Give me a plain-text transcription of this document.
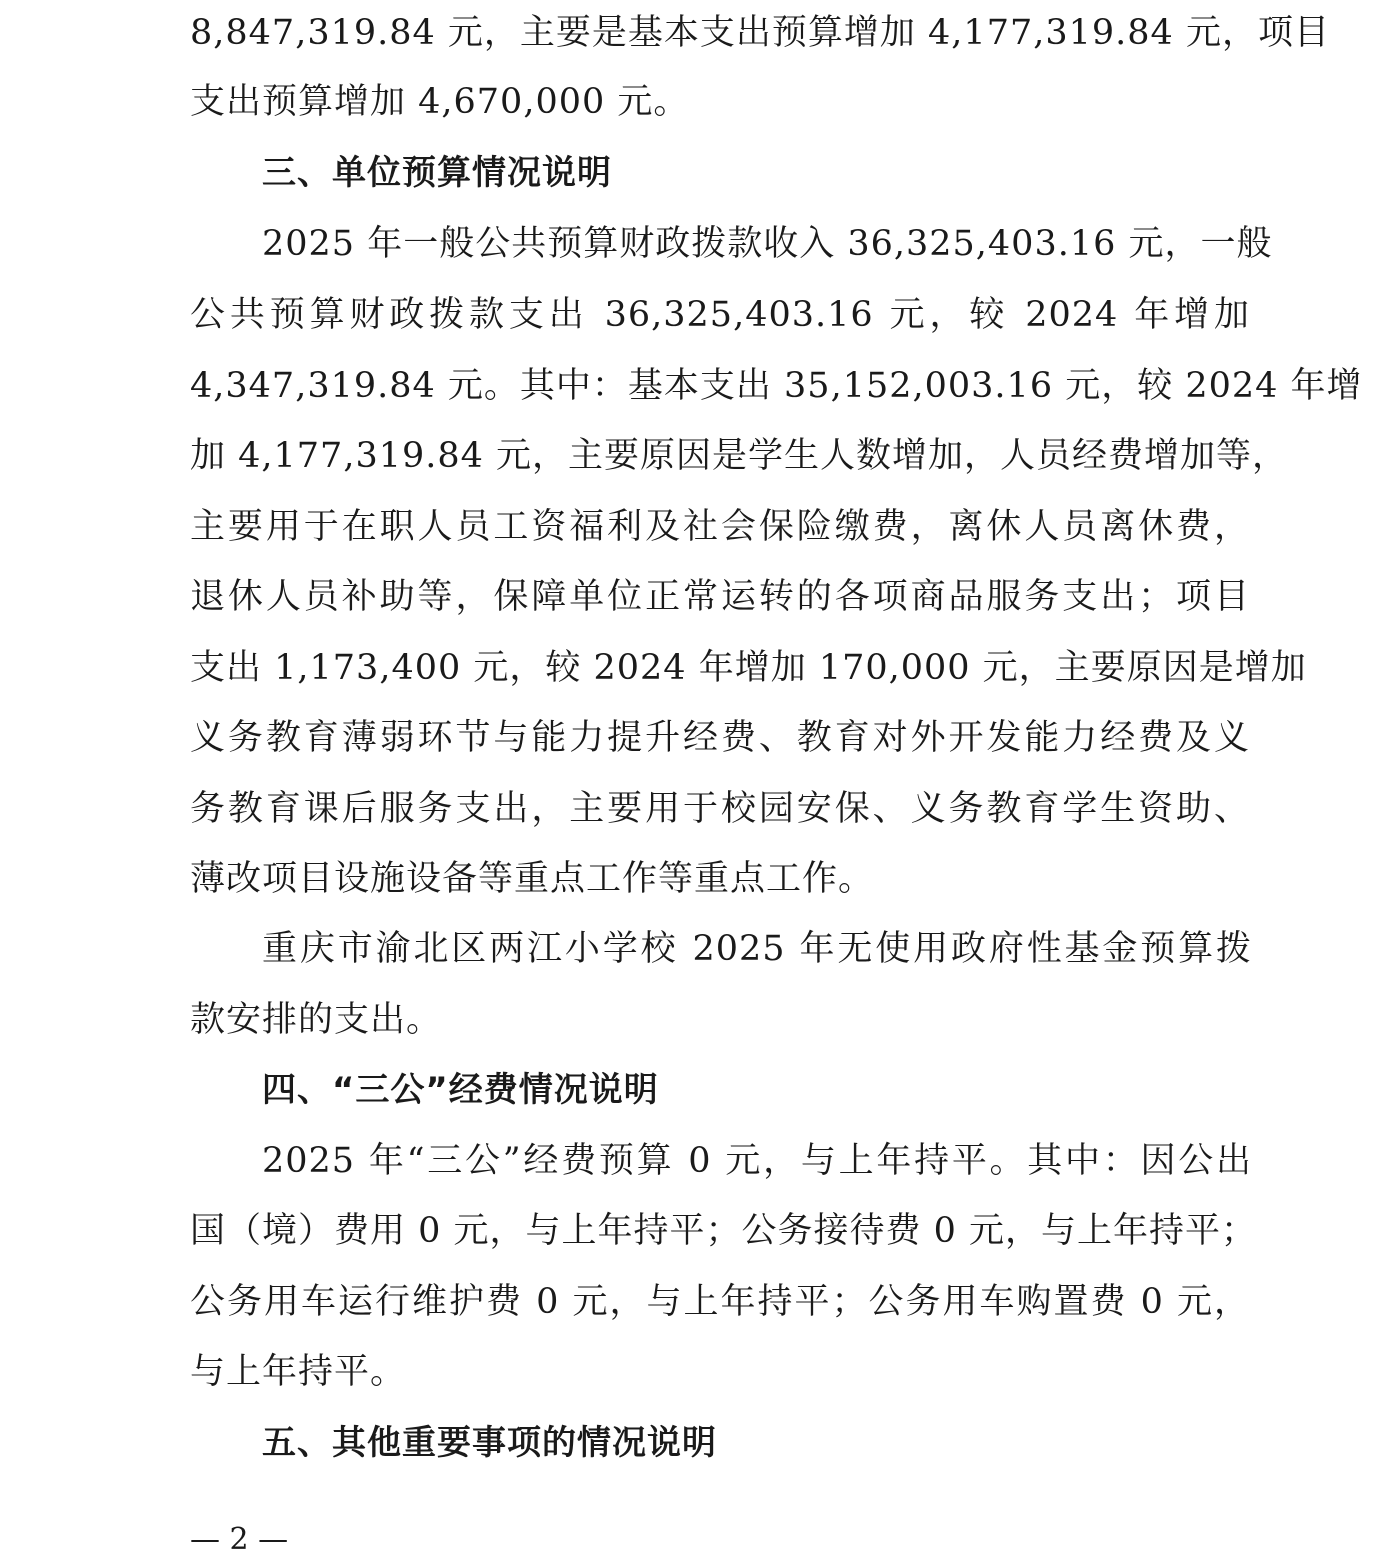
8,847,319.84 元，主要是基本支出预算增加 4,177,319.84 元，项目
支出预算增加 4,670,000 元。
三、单位预算情况说明
2025 年一般公共预算财政拨款收入 36,325,403.16 元，一般
公共预算财政拨款支出 36,325,403.16 元，较 2024 年增加
4,347,319.84 元。其中：基本支出 35,152,003.16 元，较 2024 年增
加 4,177,319.84 元，主要原因是学生人数增加，人员经费增加等，
主要用于在职人员工资福利及社会保险缴费，离休人员离休费，
退休人员补助等，保障单位正常运转的各项商品服务支出；项目
支出 1,173,400 元，较 2024 年增加 170,000 元，主要原因是增加
义务教育薄弱环节与能力提升经费、教育对外开发能力经费及义
务教育课后服务支出，主要用于校园安保、义务教育学生资助、
薄改项目设施设备等重点工作等重点工作。
重庆市渝北区两江小学校 2025 年无使用政府性基金预算拨
款安排的支出。
四、“三公”经费情况说明
2025 年“三公”经费预算 0 元，与上年持平。其中：因公出
国（境）费用 0 元，与上年持平；公务接待费 0 元，与上年持平；
公务用车运行维护费 0 元，与上年持平；公务用车购置费 0 元，
与上年持平。
五、其他重要事项的情况说明
— 2 —
